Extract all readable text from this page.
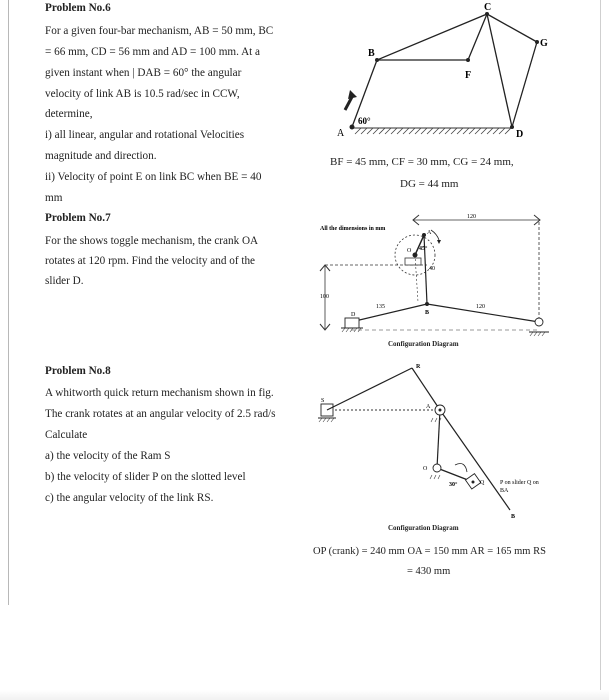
Problem No.6
For a given four-bar mechanism, AB = 50 mm, BC
= 66 mm, CD = 56 mm and AD = 100 mm. At a
given instant when | DAB = 60° the angular
velocity of link AB is 10.5 rad/sec in CCW,
determine,
i) all linear, angular and rotational Velocities
magnitude and direction.
ii) Velocity of point E on link BC when BE = 40
mm
A
B
C
D
F
G
60°
BF = 45 mm, CF = 30 mm, CG = 24 mm,
DG = 44 mm
Problem No.7
For the shows toggle mechanism, the crank OA
rotates at 120 rpm. Find the velocity and of the
slider D.
All the dimensions in mm
120
100
135	120
D	B
O
A
45°
40
Configuration Diagram
Problem No.8
A whitworth quick return mechanism shown in fig.
The crank rotates at an angular velocity of 2.5 rad/s
Calculate
a) the velocity of the Ram S
b) the velocity of slider P on the slotted level
c) the angular velocity of the link RS.
R
S
A
O
B
Q	P on slider Q on
BA
30°
Configuration Diagram
OP (crank) = 240 mm OA = 150 mm AR = 165 mm RS
= 430 mm
